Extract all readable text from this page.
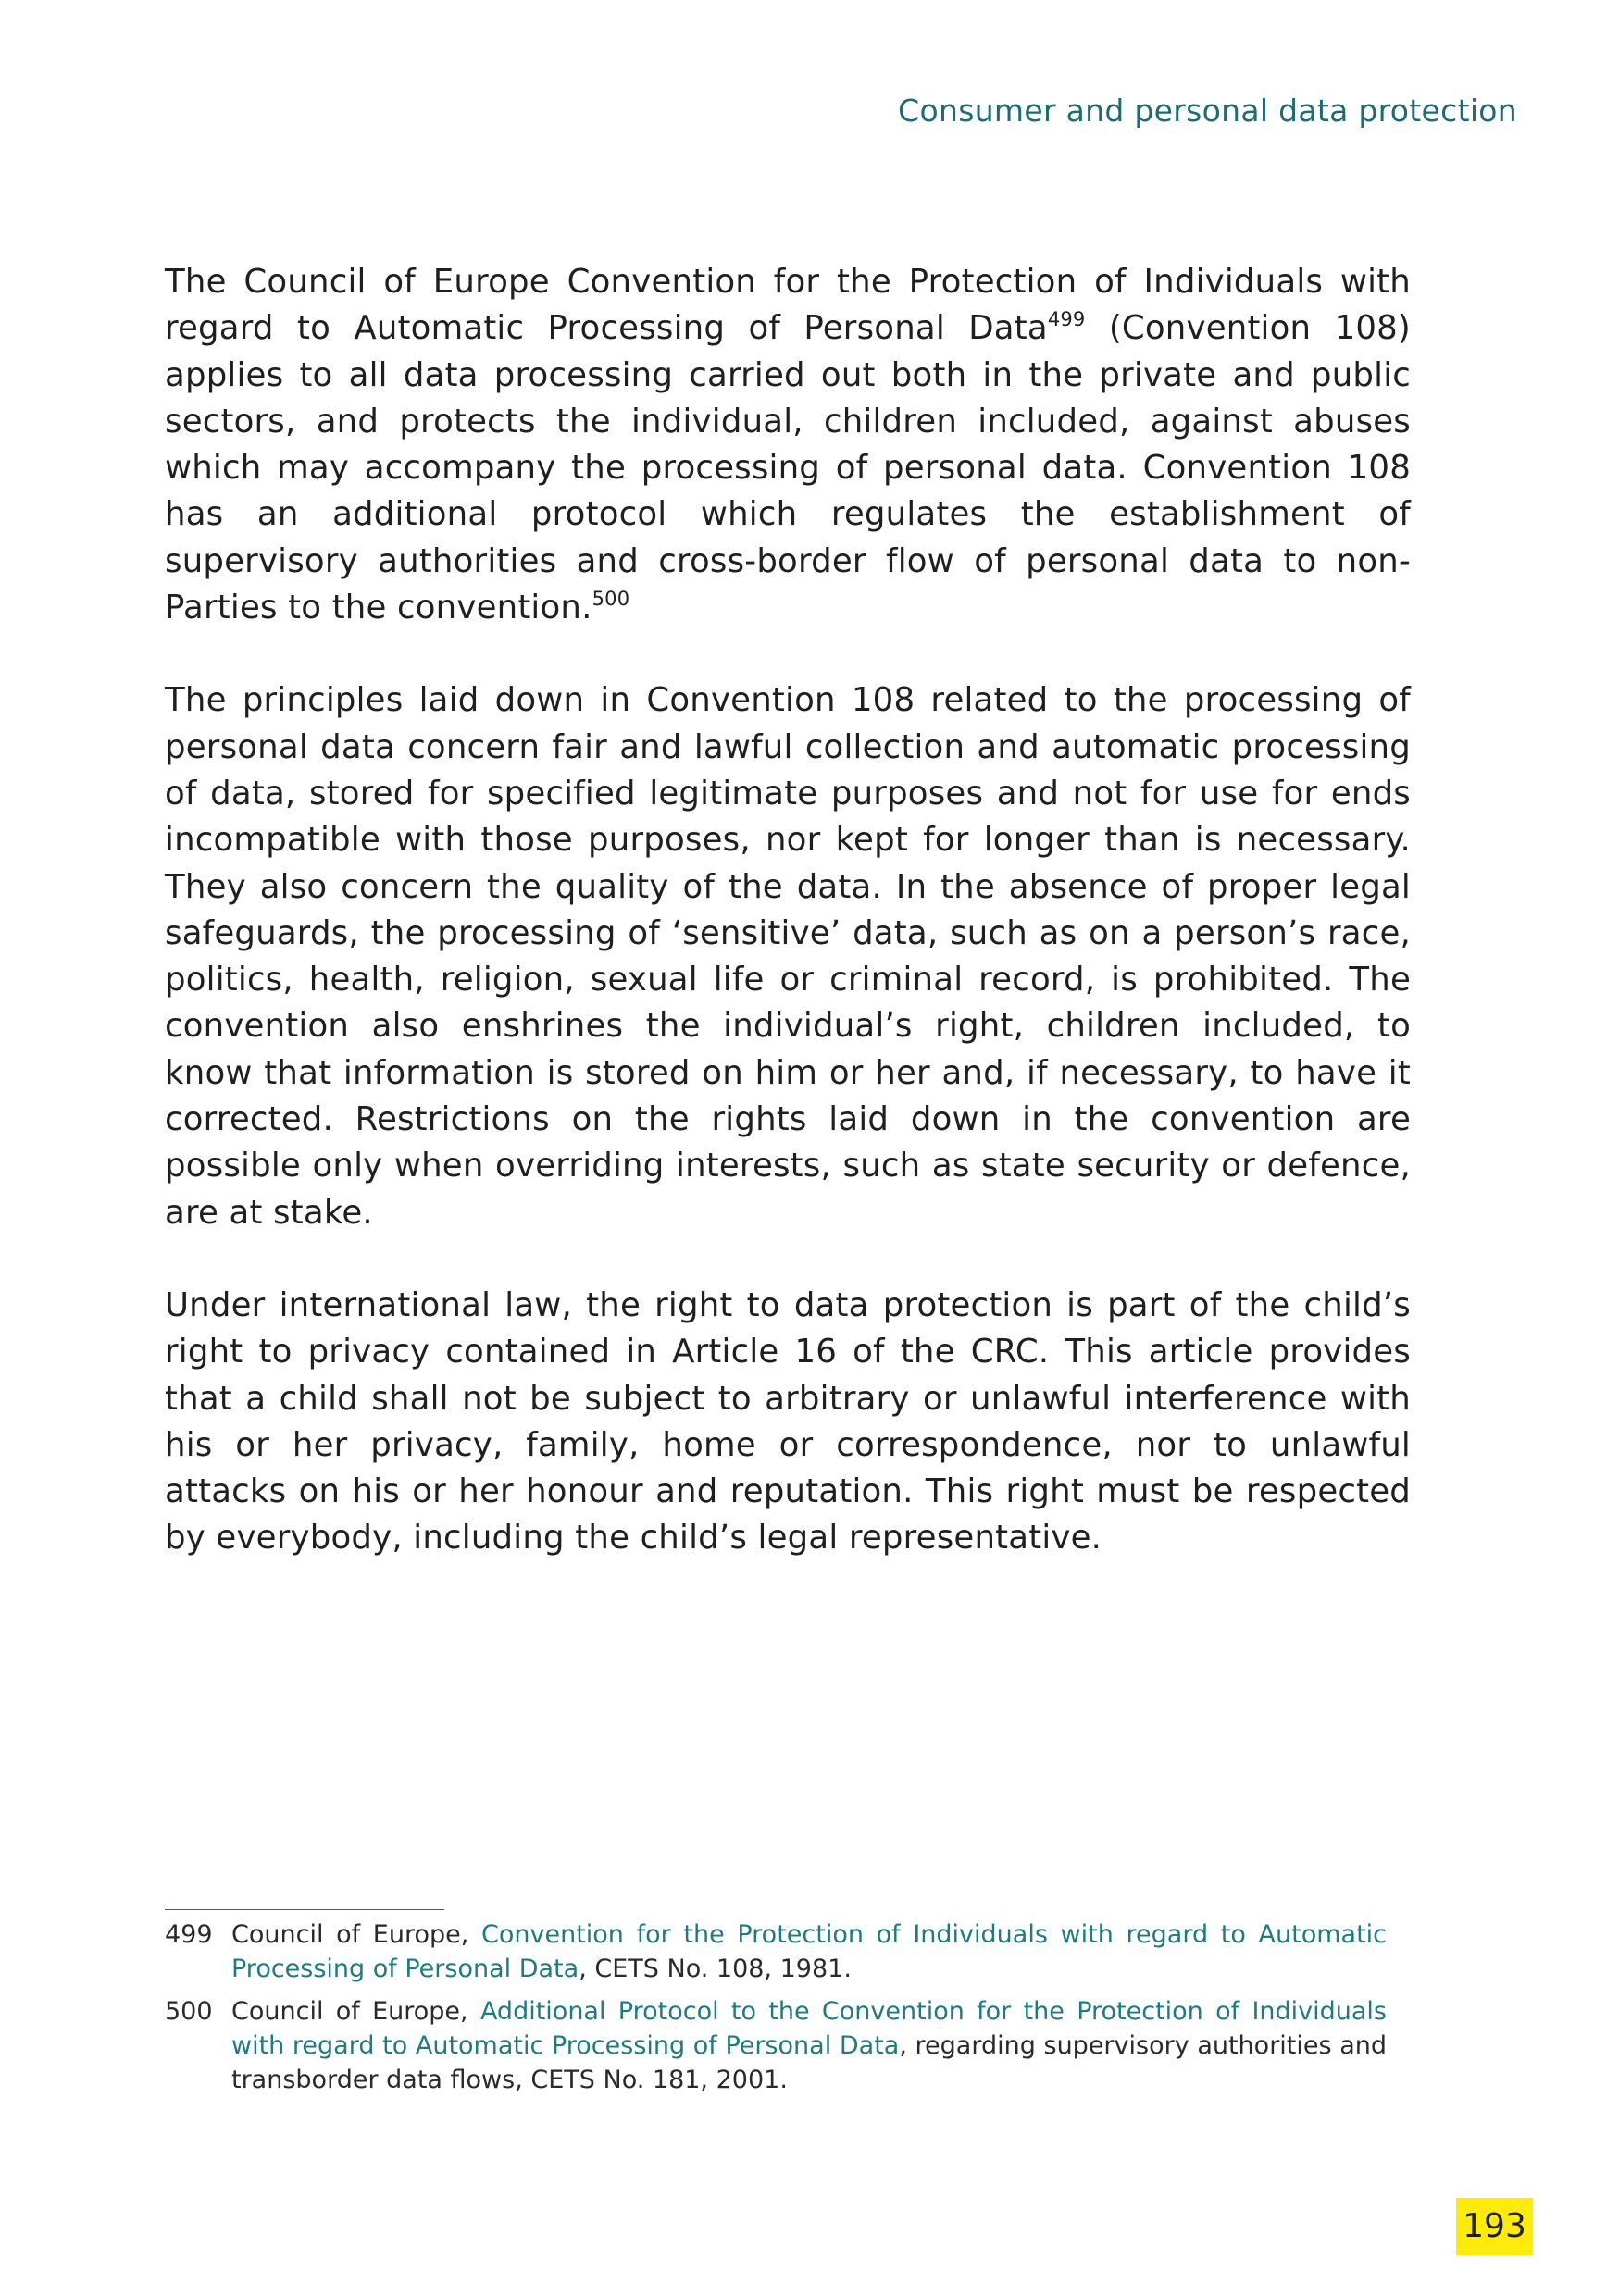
Consumer and personal data protection

The Council of Europe Convention for the Protection of Individuals with regard to Automatic Processing of Personal Data$^{499}$ (Convention 108) applies to all data processing carried out both in the private and public sectors, and protects the individual, children included, against abuses which may accompany the processing of personal data. Convention 108 has an additional protocol which regulates the establishment of supervisory authorities and cross-border flow of personal data to non-Parties to the convention.$^{500}$

The principles laid down in Convention 108 related to the processing of personal data concern fair and lawful collection and automatic processing of data, stored for specified legitimate purposes and not for use for ends incompatible with those purposes, nor kept for longer than is necessary. They also concern the quality of the data. In the absence of proper legal safeguards, the processing of ‘sensitive’ data, such as on a person’s race, politics, health, religion, sexual life or criminal record, is prohibited. The convention also enshrines the individual’s right, children included, to know that information is stored on him or her and, if necessary, to have it corrected. Restrictions on the rights laid down in the convention are possible only when overriding interests, such as state security or defence, are at stake.

Under international law, the right to data protection is part of the child’s right to privacy contained in Article 16 of the CRC. This article provides that a child shall not be subject to arbitrary or unlawful interference with his or her privacy, family, home or correspondence, nor to unlawful attacks on his or her honour and reputation. This right must be respected by everybody, including the child’s legal representative.

499 Council of Europe, Convention for the Protection of Individuals with regard to Automatic Processing of Personal Data, CETS No. 108, 1981.
500 Council of Europe, Additional Protocol to the Convention for the Protection of Individuals with regard to Automatic Processing of Personal Data, regarding supervisory authorities and transborder data flows, CETS No. 181, 2001.
193
